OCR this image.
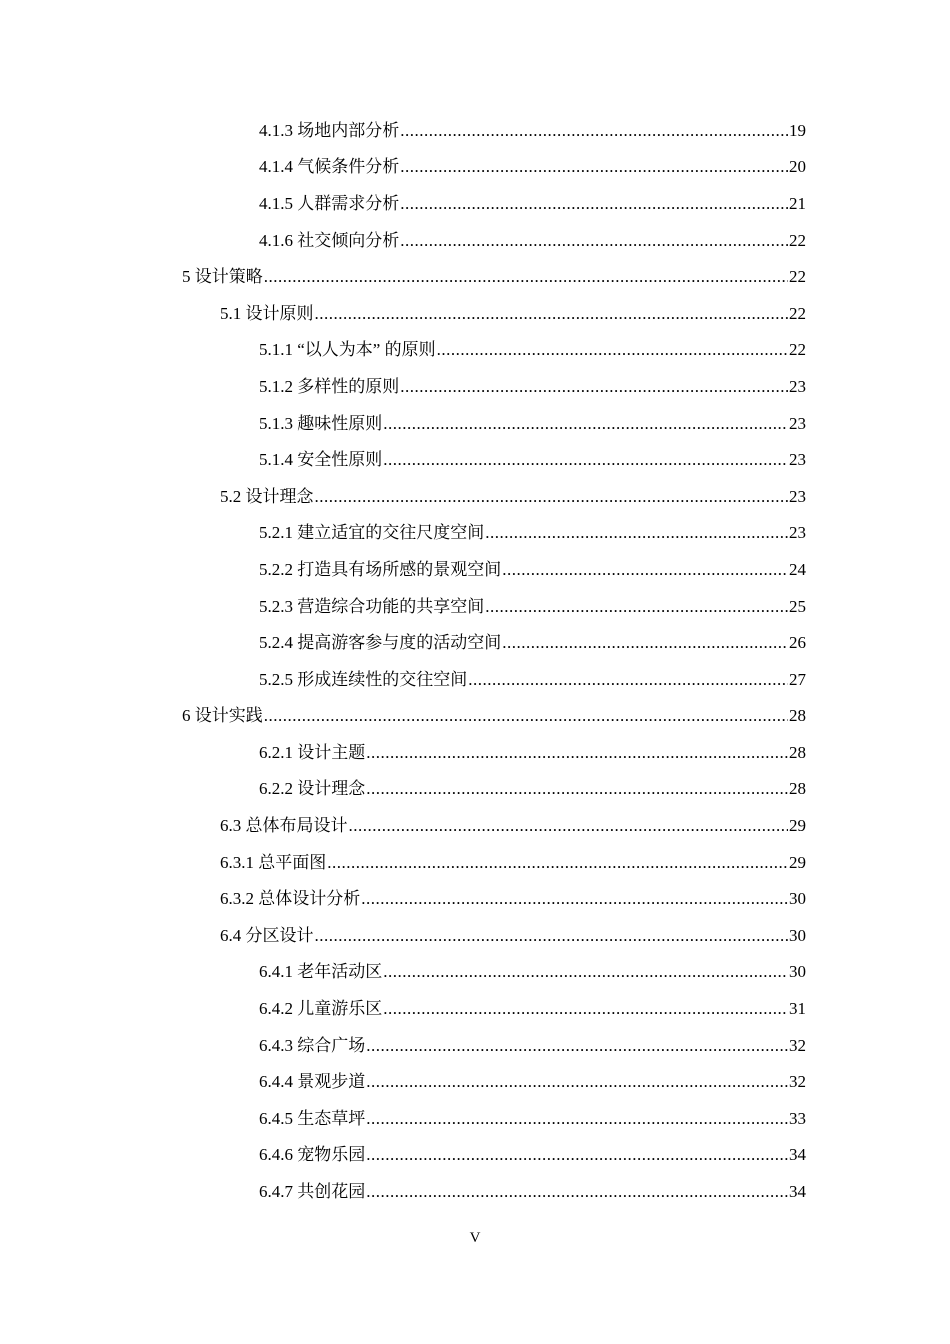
4.1.3 场地内部分析 .....	19
4.1.4 气候条件分析 .....	20
4.1.5 人群需求分析 .....	21
4.1.6 社交倾向分析 .....	22
5 设计策略 .....	22
5.1 设计原则 .....	22
5.1.1 “以人为本” 的原则 .....	22
5.1.2 多样性的原则 .....	23
5.1.3 趣味性原则 .....	23
5.1.4 安全性原则 .....	23
5.2 设计理念 .....	23
5.2.1 建立适宜的交往尺度空间 .....	23
5.2.2 打造具有场所感的景观空间 .....	24
5.2.3 营造综合功能的共享空间 .....	25
5.2.4 提高游客参与度的活动空间 .....	26
5.2.5 形成连续性的交往空间 .....	27
6 设计实践 .....	28
6.2.1 设计主题 .....	28
6.2.2 设计理念 .....	28
6.3 总体布局设计 .....	29
6.3.1 总平面图 .....	29
6.3.2 总体设计分析 .....	30
6.4 分区设计 .....	30
6.4.1 老年活动区 .....	30
6.4.2 儿童游乐区 .....	31
6.4.3 综合广场 .....	32
6.4.4 景观步道 .....	32
6.4.5 生态草坪 .....	33
6.4.6 宠物乐园 .....	34
6.4.7 共创花园 .....	34
V
